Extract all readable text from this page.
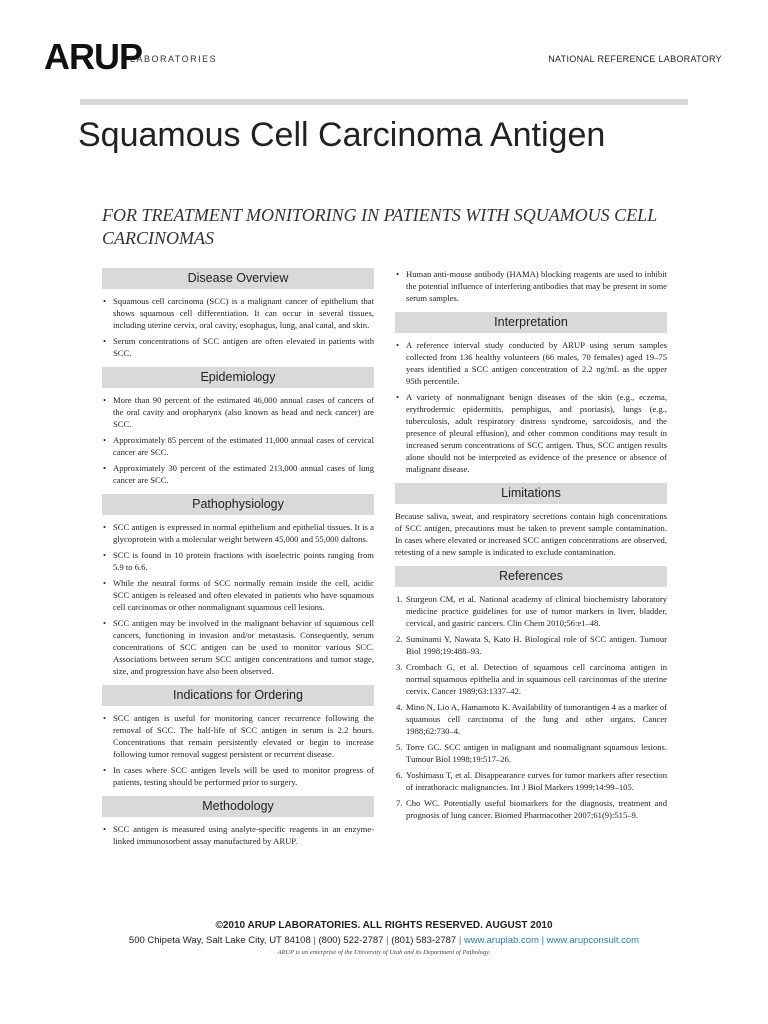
ARUP
LABORATORIES	NATIONAL REFERENCE LABORATORY
Squamous Cell Carcinoma Antigen
FOR TREATMENT MONITORING IN PATIENTS WITH SQUAMOUS CELL CARCINOMAS
Disease Overview
• Squamous cell carcinoma (SCC) is a malignant cancer of epithelium that shows squamous cell differentiation. It can occur in several tissues, including uterine cervix, oral cavity, esophagus, lung, anal canal, and skin.
• Serum concentrations of SCC antigen are often elevated in patients with SCC.
Epidemiology
• More than 90 percent of the estimated 46,000 annual cases of cancers of the oral cavity and oropharynx (also known as head and neck cancer) are SCC.
• Approximately 85 percent of the estimated 11,000 annual cases of cervical cancer are SCC.
• Approximately 30 percent of the estimated 213,000 annual cases of lung cancer are SCC.
Pathophysiology
• SCC antigen is expressed in normal epithelium and epithelial tissues. It is a glycoprotein with a molecular weight between 45,000 and 55,000 daltons.
• SCC is found in 10 protein fractions with isoelectric points ranging from 5.9 to 6.6.
• While the neutral forms of SCC normally remain inside the cell, acidic SCC antigen is released and often elevated in patients who have squamous cell carcinomas or other nonmalignant squamous cell lesions.
• SCC antigen may be involved in the malignant behavior of squamous cell cancers, functioning in invasion and/or metastasis. Consequently, serum concentrations of SCC antigen can be used to monitor various SCC. Associations between serum SCC antigen concentrations and tumor stage, size, and progression have also been observed.
Indications for Ordering
• SCC antigen is useful for monitoring cancer recurrence following the removal of SCC. The half-life of SCC antigen in serum is 2.2 hours. Concentrations that remain persistently elevated or begin to increase following tumor removal suggest persistent or recurrent disease.
• In cases where SCC antigen levels will be used to monitor progress of patients, testing should be performed prior to surgery.
Methodology
• SCC antigen is measured using analyte-specific reagents in an enzyme-linked immunosorbent assay manufactured by ARUP.
• Human anti-mouse antibody (HAMA) blocking reagents are used to inhibit the potential influence of interfering antibodies that may be present in some serum samples.
Interpretation
• A reference interval study conducted by ARUP using serum samples collected from 136 healthy volunteers (66 males, 70 females) aged 19–75 years identified a SCC antigen concentration of 2.2 ng/mL as the upper 95th percentile.
• A variety of nonmalignant benign diseases of the skin (e.g., eczema, erythrodermic epidermitis, pemphigus, and psoriasis), lungs (e.g., tuberculosis, adult respiratory distress syndrome, sarcoidosis, and the presence of pleural effusion), and other common conditions may result in increased serum concentrations of SCC antigen. Thus, SCC antigen results alone should not be interpreted as evidence of the presence or absence of malignant disease.
Limitations

Because saliva, sweat, and respiratory secretions contain high concentrations of SCC antigen, precautions must be taken to prevent sample contamination. In cases where elevated or increased SCC antigen concentrations are observed, retesting of a new sample is indicated to exclude contamination.

References
1. Sturgeon CM, et al. National academy of clinical biochemistry laboratory medicine practice guidelines for use of tumor markers in liver, bladder, cervical, and gastric cancers. Clin Chem 2010;56:e1–48.
2. Suminami Y, Nawata S, Kato H. Biological role of SCC antigen. Tumour Biol 1998;19:488–93.
3. Crombach G, et al. Detection of squamous cell carcinoma antigen in normal squamous epithelia and in squamous cell carcinomas of the uterine cervix. Cancer 1989;63:1337–42.
4. Mino N, Lio A, Hamamoto K. Availability of tumorantigen 4 as a marker of squamous cell carcinoma of the lung and other organs. Cancer 1988;62:730–4.
5. Torre GC. SCC antigen in malignant and nonmalignant squamous lesions. Tumour Biol 1998;19:517–26.
6. Yoshimasu T, et al. Disappearance curves for tumor markers after resection of intrathoracic malignancies. Int J Biol Markers 1999;14:99–105.
7. Cho WC. Potentially useful biomarkers for the diagnosis, treatment and prognosis of lung cancer. Biomed Pharmacother 2007;61(9):515–9.
©2010 ARUP LABORATORIES. ALL RIGHTS RESERVED. AUGUST 2010
500 Chipeta Way, Salt Lake City, UT 84108 | (800) 522-2787 | (801) 583-2787 | www.aruplab.com | www.arupconsult.com
ARUP is an enterprise of the University of Utah and its Department of Pathology.
